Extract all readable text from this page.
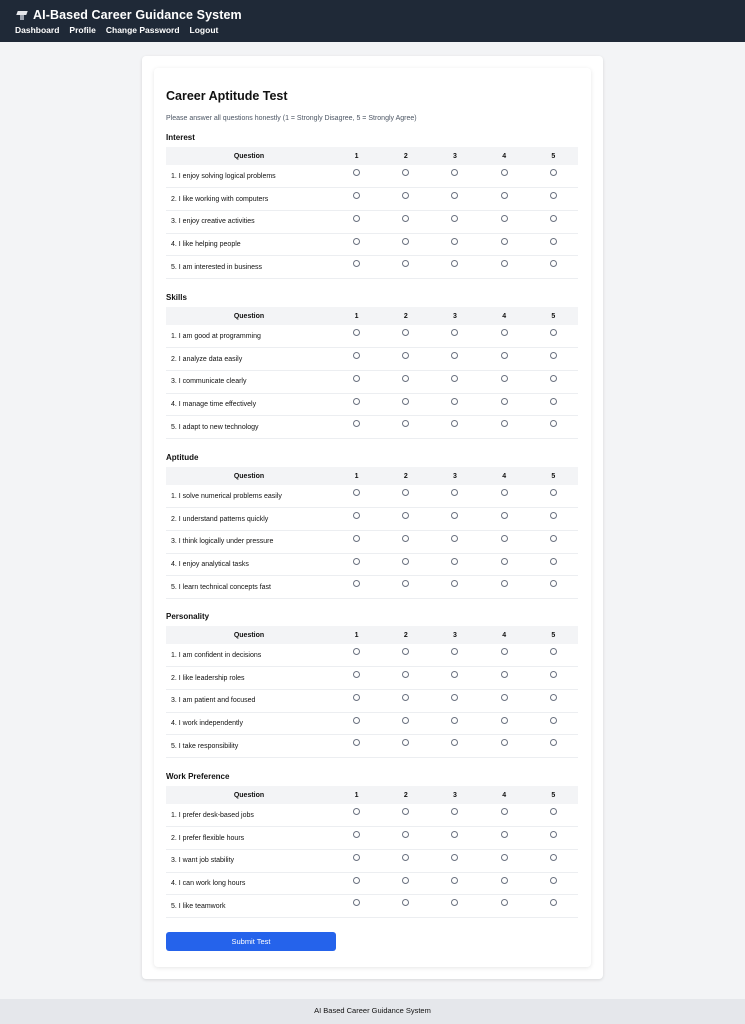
AI-Based Career Guidance System
Dashboard Profile Change Password Logout
Career Aptitude Test

Please answer all questions honestly (1 = Strongly Disagree, 5 = Strongly Agree)

Interest
Question	1	2	3	4	5
1. I enjoy solving logical problems					
2. I like working with computers					
3. I enjoy creative activities					
4. I like helping people					
5. I am interested in business					
Skills
Question	1	2	3	4	5
1. I am good at programming					
2. I analyze data easily					
3. I communicate clearly					
4. I manage time effectively					
5. I adapt to new technology					
Aptitude
Question	1	2	3	4	5
1. I solve numerical problems easily					
2. I understand patterns quickly					
3. I think logically under pressure					
4. I enjoy analytical tasks					
5. I learn technical concepts fast					
Personality
Question	1	2	3	4	5
1. I am confident in decisions					
2. I like leadership roles					
3. I am patient and focused					
4. I work independently					
5. I take responsibility					
Work Preference
Question	1	2	3	4	5
1. I prefer desk-based jobs					
2. I prefer flexible hours					
3. I want job stability					
4. I can work long hours					
5. I like teamwork					
Submit Test
AI Based Career Guidance System
